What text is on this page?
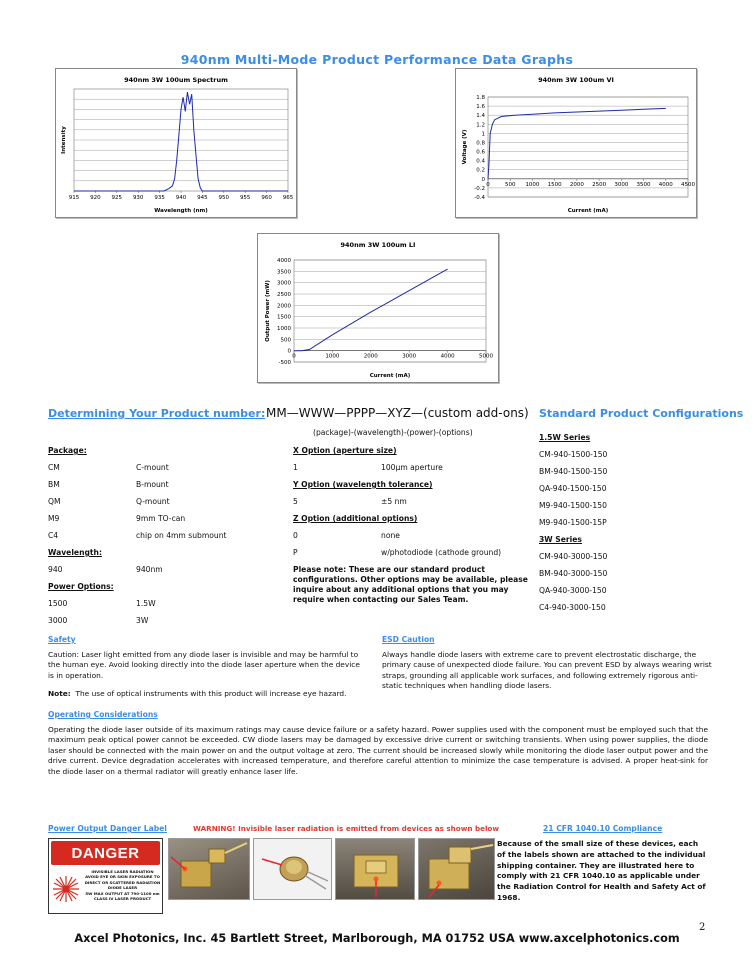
940nm Multi-Mode Product Performance Data Graphs
940nm 3W 100um Spectrum
915 920 925 930 935 940 945 950 955 960 965
Wavelength (nm)
Intensity
940nm 3W 100um VI
-0.4
-0.2
0
0.2
0.4
0.6
0.8
1
1.2
1.4
1.6
1.8
0	500 1000 1500 2000 2500 3000 3500 4000 4500
Current (mA)
Voltage (V)
940nm 3W 100um LI
-500
0
500
1000
1500
2000
2500
3000
3500
4000
0	1000	2000	3000	4000	5000
Current (mA)
Output Power (mW)
Determining Your Product number: MM—WWW—PPPP—XYZ—(custom add-ons)
(package)-(wavelength)-(power)-(options)
Standard Product Configurations
Package:
CM	C-mount
BM	B-mount
QM	Q-mount
M9	9mm TO-can
C4	chip on 4mm submount
Wavelength:
940	940nm
Power Options:
1500	1.5W
3000	3W
X Option (aperture size)
1	100μm aperture
Y Option (wavelength tolerance)
5	±5 nm
Z Option (additional options)
0	none
P	w/photodiode (cathode ground)
Please note: These are our standard product configurations. Other options may be available, please inquire about any additional options that you may require when contacting our Sales Team.
1.5W Series
CM-940-1500-150
BM-940-1500-150
QA-940-1500-150
M9-940-1500-150
M9-940-1500-15P
3W Series
CM-940-3000-150
BM-940-3000-150
QA-940-3000-150
C4-940-3000-150
Safety
Caution: Laser light emitted from any diode laser is invisible and may be harmful to the human eye. Avoid looking directly into the diode laser aperture when the device is in operation.
Note: The use of optical instruments with this product will increase eye hazard.
ESD Caution
Always handle diode lasers with extreme care to prevent electrostatic discharge, the primary cause of unexpected diode failure. You can prevent ESD by always wearing wrist straps, grounding all applicable work surfaces, and following extremely rigorous anti-static techniques when handling diode lasers.
Operating Considerations
Operating the diode laser outside of its maximum ratings may cause device failure or a safety hazard. Power supplies used with the component must be employed such that the maximum peak optical power cannot be exceeded. CW diode lasers may be damaged by excessive drive current or switching transients. When using power supplies, the diode laser should be connected with the main power on and the output voltage at zero. The current should be increased slowly while monitoring the diode laser output power and the drive current. Device degradation accelerates with increased temperature, and therefore careful attention to minimize the case temperature is advised. A proper heat-sink for the diode laser on a thermal radiator will greatly enhance laser life.
Power Output Danger Label	WARNING! Invisible laser radiation is emitted from devices as shown below	21 CFR 1040.10 Compliance
DANGER
INVISIBLE LASER RADIATION
AVOID EYE OR SKIN EXPOSURE TO
DIRECT OR SCATTERED RADIATION
DIODE LASER
5W MAX OUTPUT AT 790-1100 nm
CLASS IV LASER PRODUCT
Because of the small size of these devices, each of the labels shown are attached to the individual shipping container. They are illustrated here to comply with 21 CFR 1040.10 as applicable under the Radiation Control for Health and Safety Act of 1968.
2
Axcel Photonics, Inc. 45 Bartlett Street, Marlborough, MA 01752 USA www.axcelphotonics.com
